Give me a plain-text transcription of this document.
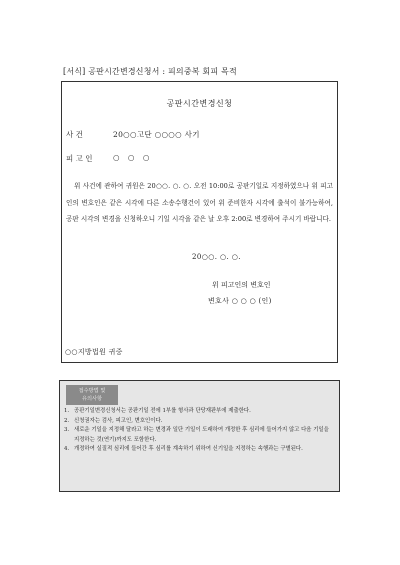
[서식] 공판시간변경신청서 : 피의중복 회피 목적
공판시간변경신청
사 건	20○○고단 ○○○○ 사기
피 고 인	○ ○ ○
위 사건에 관하여 귀원은 20○○. ○. ○. 오전 10:00로 공판기일로 지정하였으나 위 피고인의 변호인은 같은 시각에 다른 소송수행건이 있어 위 준비한자 시각에 출석이 불가능하여, 공판 시각의 변경을 신청하오니 기일 시각을 같은 날 오후 2:00로 변경하여 주시기 바랍니다.
20○○. ○. ○.
위 피고인의 변호인
변호사 ○ ○ ○ (인)
○○지방법원 귀중
접수방법 및
유의사항
1. 공판기일변경신청서는 공판기일 전에 1부를 형사과 단당재판부에 제출한다.
2. 신청권자는 검사, 피고인, 변호인이다.
3. 새로운 기일을 지정해 달라고 하는 변경과 일단 기일이 도래하여 개정한 후 심리에 들어가지 않고 다음 기일을 지정하는 것(연기)까지도 포함한다.
4. 개정하여 실질적 심리에 들어간 후 심리를 계속하기 위하여 신기일을 지정하는 속행과는 구별된다.
